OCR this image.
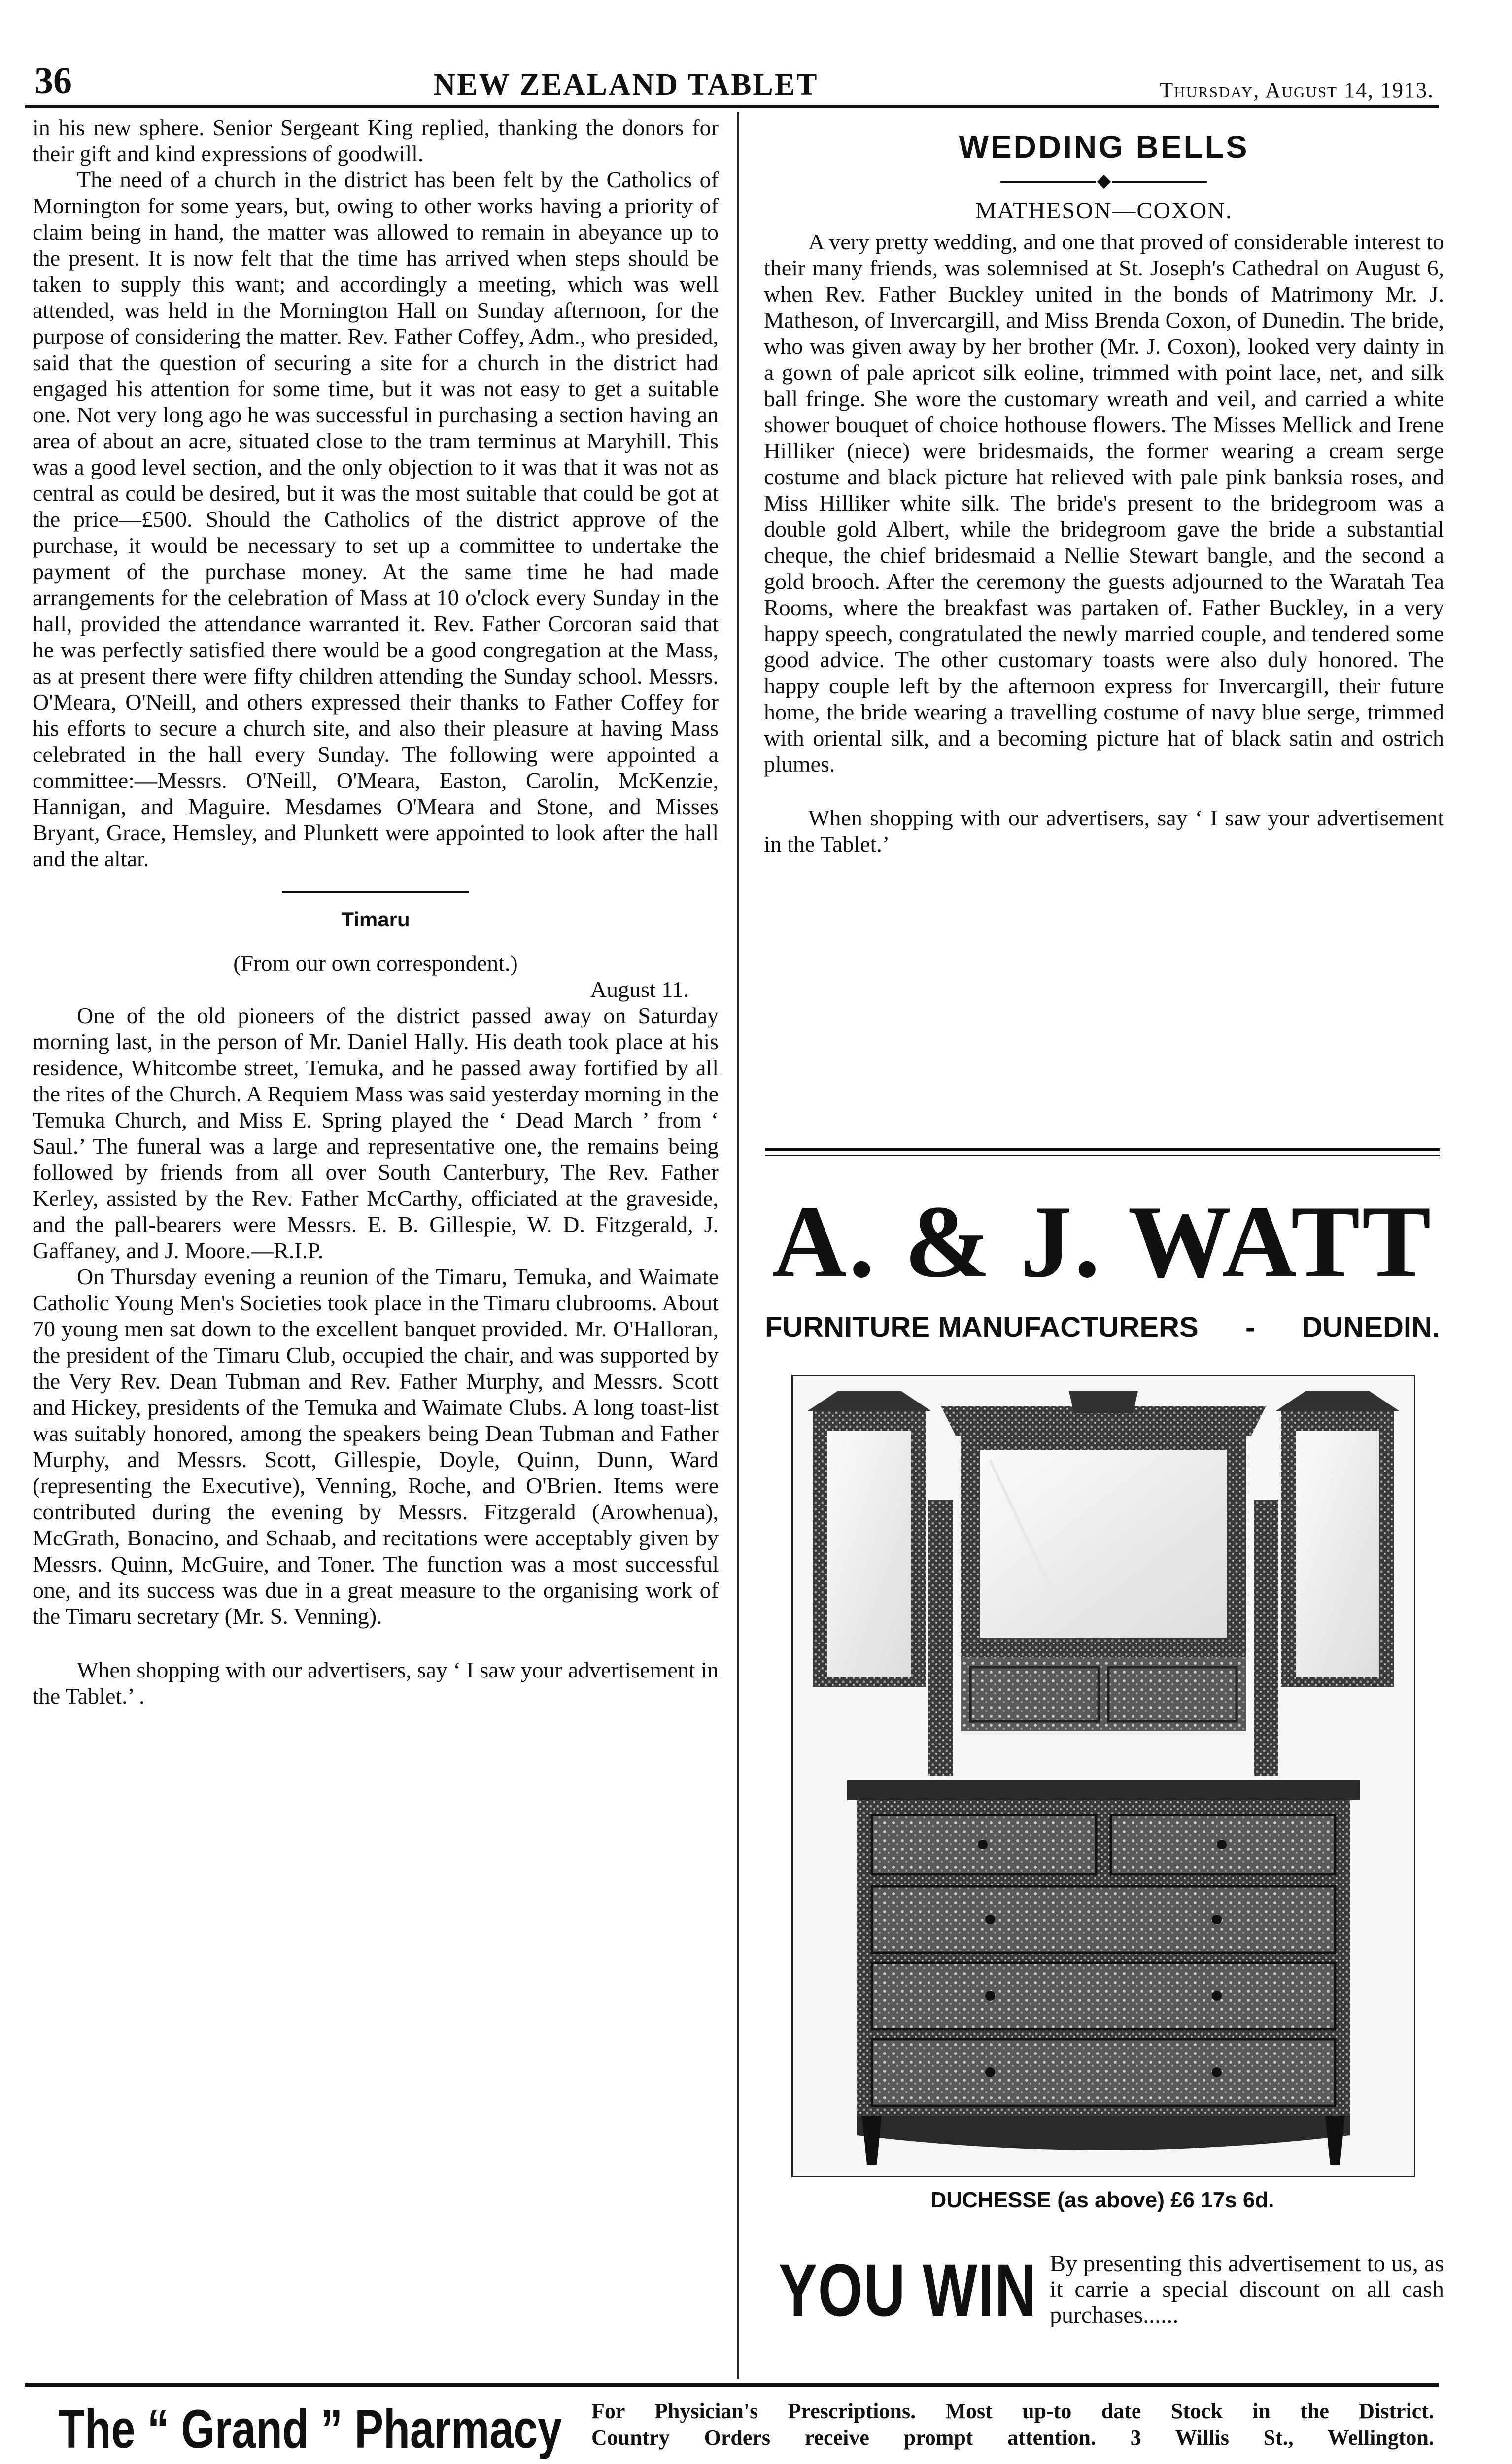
36	NEW ZEALAND TABLET	Thursday, August 14, 1913.

in his new sphere. Senior Sergeant King replied, thanking the donors for their gift and kind expressions of goodwill.

The need of a church in the district has been felt by the Catholics of Mornington for some years, but, owing to other works having a priority of claim being in hand, the matter was allowed to remain in abeyance up to the present. It is now felt that the time has arrived when steps should be taken to supply this want; and accordingly a meeting, which was well attended, was held in the Mornington Hall on Sunday afternoon, for the purpose of considering the matter. Rev. Father Coffey, Adm., who presided, said that the question of securing a site for a church in the district had engaged his attention for some time, but it was not easy to get a suitable one. Not very long ago he was successful in purchasing a section having an area of about an acre, situated close to the tram terminus at Maryhill. This was a good level section, and the only objection to it was that it was not as central as could be desired, but it was the most suitable that could be got at the price—£500. Should the Catholics of the district approve of the purchase, it would be necessary to set up a committee to undertake the payment of the purchase money. At the same time he had made arrangements for the celebration of Mass at 10 o'clock every Sunday in the hall, provided the attendance warranted it. Rev. Father Corcoran said that he was perfectly satisfied there would be a good congregation at the Mass, as at present there were fifty children attending the Sunday school. Messrs. O'Meara, O'Neill, and others expressed their thanks to Father Coffey for his efforts to secure a church site, and also their pleasure at having Mass celebrated in the hall every Sunday. The following were appointed a committee:—Messrs. O'Neill, O'Meara, Easton, Carolin, McKenzie, Hannigan, and Maguire. Mesdames O'Meara and Stone, and Misses Bryant, Grace, Hemsley, and Plunkett were appointed to look after the hall and the altar.

Timaru

(From our own correspondent.)

August 11.

One of the old pioneers of the district passed away on Saturday morning last, in the person of Mr. Daniel Hally. His death took place at his residence, Whitcombe street, Temuka, and he passed away fortified by all the rites of the Church. A Requiem Mass was said yesterday morning in the Temuka Church, and Miss E. Spring played the ‘ Dead March ’ from ‘ Saul.’ The funeral was a large and representative one, the remains being followed by friends from all over South Canterbury, The Rev. Father Kerley, assisted by the Rev. Father McCarthy, officiated at the graveside, and the pall-bearers were Messrs. E. B. Gillespie, W. D. Fitzgerald, J. Gaffaney, and J. Moore.—R.I.P.

On Thursday evening a reunion of the Timaru, Temuka, and Waimate Catholic Young Men's Societies took place in the Timaru clubrooms. About 70 young men sat down to the excellent banquet provided. Mr. O'Halloran, the president of the Timaru Club, occupied the chair, and was supported by the Very Rev. Dean Tubman and Rev. Father Murphy, and Messrs. Scott and Hickey, presidents of the Temuka and Waimate Clubs. A long toast-list was suitably honored, among the speakers being Dean Tubman and Father Murphy, and Messrs. Scott, Gillespie, Doyle, Quinn, Dunn, Ward (representing the Executive), Venning, Roche, and O'Brien. Items were contributed during the evening by Messrs. Fitzgerald (Arowhenua), McGrath, Bonacino, and Schaab, and recitations were acceptably given by Messrs. Quinn, McGuire, and Toner. The function was a most successful one, and its success was due in a great measure to the organising work of the Timaru secretary (Mr. S. Venning).

When shopping with our advertisers, say ‘ I saw your advertisement in the Tablet.’ .

WEDDING BELLS

MATHESON—COXON.

A very pretty wedding, and one that proved of considerable interest to their many friends, was solemnised at St. Joseph's Cathedral on August 6, when Rev. Father Buckley united in the bonds of Matrimony Mr. J. Matheson, of Invercargill, and Miss Brenda Coxon, of Dunedin. The bride, who was given away by her brother (Mr. J. Coxon), looked very dainty in a gown of pale apricot silk eoline, trimmed with point lace, net, and silk ball fringe. She wore the customary wreath and veil, and carried a white shower bouquet of choice hothouse flowers. The Misses Mellick and Irene Hilliker (niece) were bridesmaids, the former wearing a cream serge costume and black picture hat relieved with pale pink banksia roses, and Miss Hilliker white silk. The bride's present to the bridegroom was a double gold Albert, while the bridegroom gave the bride a substantial cheque, the chief bridesmaid a Nellie Stewart bangle, and the second a gold brooch. After the ceremony the guests adjourned to the Waratah Tea Rooms, where the breakfast was partaken of. Father Buckley, in a very happy speech, congratulated the newly married couple, and tendered some good advice. The other customary toasts were also duly honored. The happy couple left by the afternoon express for Invercargill, their future home, the bride wearing a travelling costume of navy blue serge, trimmed with oriental silk, and a becoming picture hat of black satin and ostrich plumes.

When shopping with our advertisers, say ‘ I saw your advertisement in the Tablet.’

A. & J. WATT
FURNITURE MANUFACTURERS - DUNEDIN.
DUCHESSE (as above) £6 17s 6d.
YOU WIN By presenting this advertisement to us, as it carrie a special discount on all cash purchases......

The “ Grand ” Pharmacy For Physician's Prescriptions. Most up-to date Stock in the District.
Country Orders receive prompt attention. 3 Willis St., Wellington.
